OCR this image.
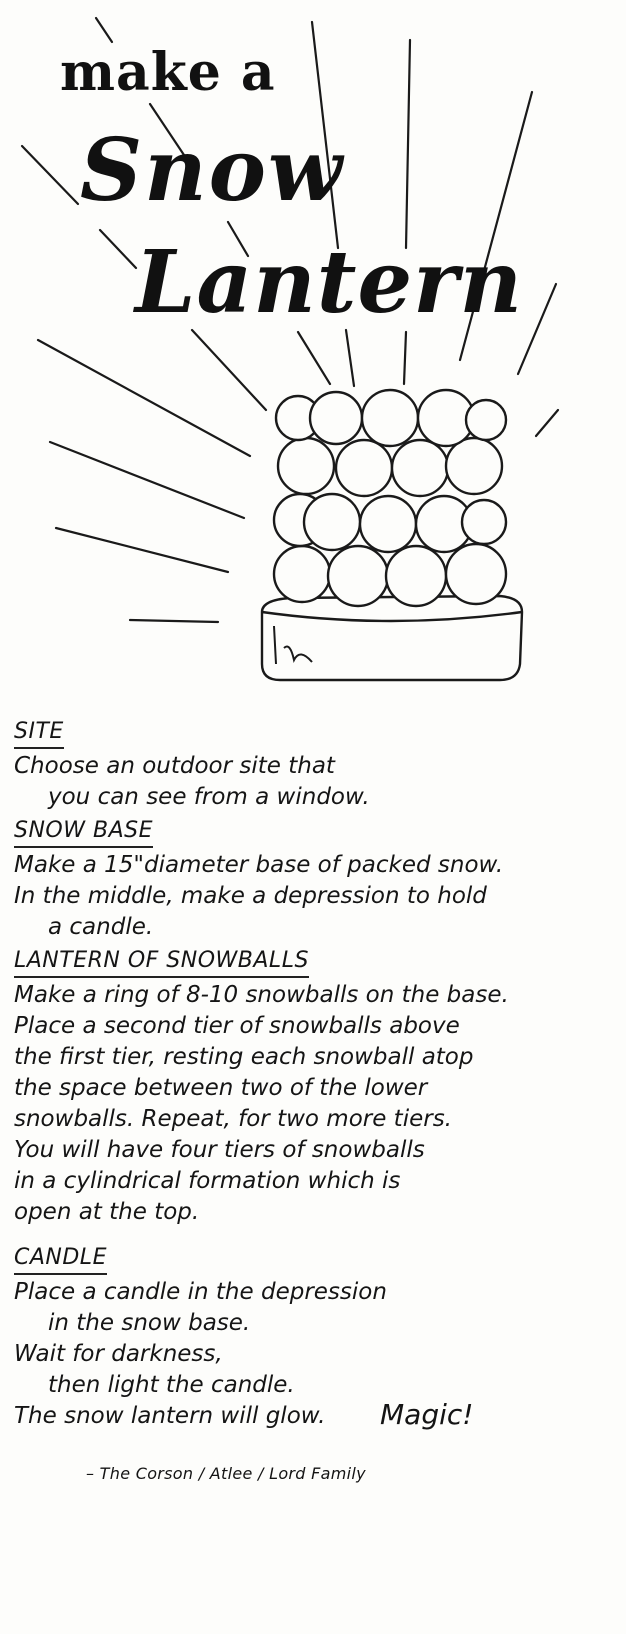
make a
Snow
Lantern
SITE
Choose an outdoor site that
you can see from a window.
SNOW BASE
Make a 15"diameter base of packed snow.
In the middle, make a depression to hold
a candle.
LANTERN OF SNOWBALLS
Make a ring of 8-10 snowballs on the base.
Place a second tier of snowballs above
the first tier, resting each snowball atop
the space between two of the lower
snowballs. Repeat, for two more tiers.
You will have four tiers of snowballs
in a cylindrical formation which is
open at the top.
CANDLE
Place a candle in the depression
in the snow base.
Wait for darkness,
then light the candle.
The snow lantern will glow.	Magic!
– The Corson / Atlee / Lord Family
